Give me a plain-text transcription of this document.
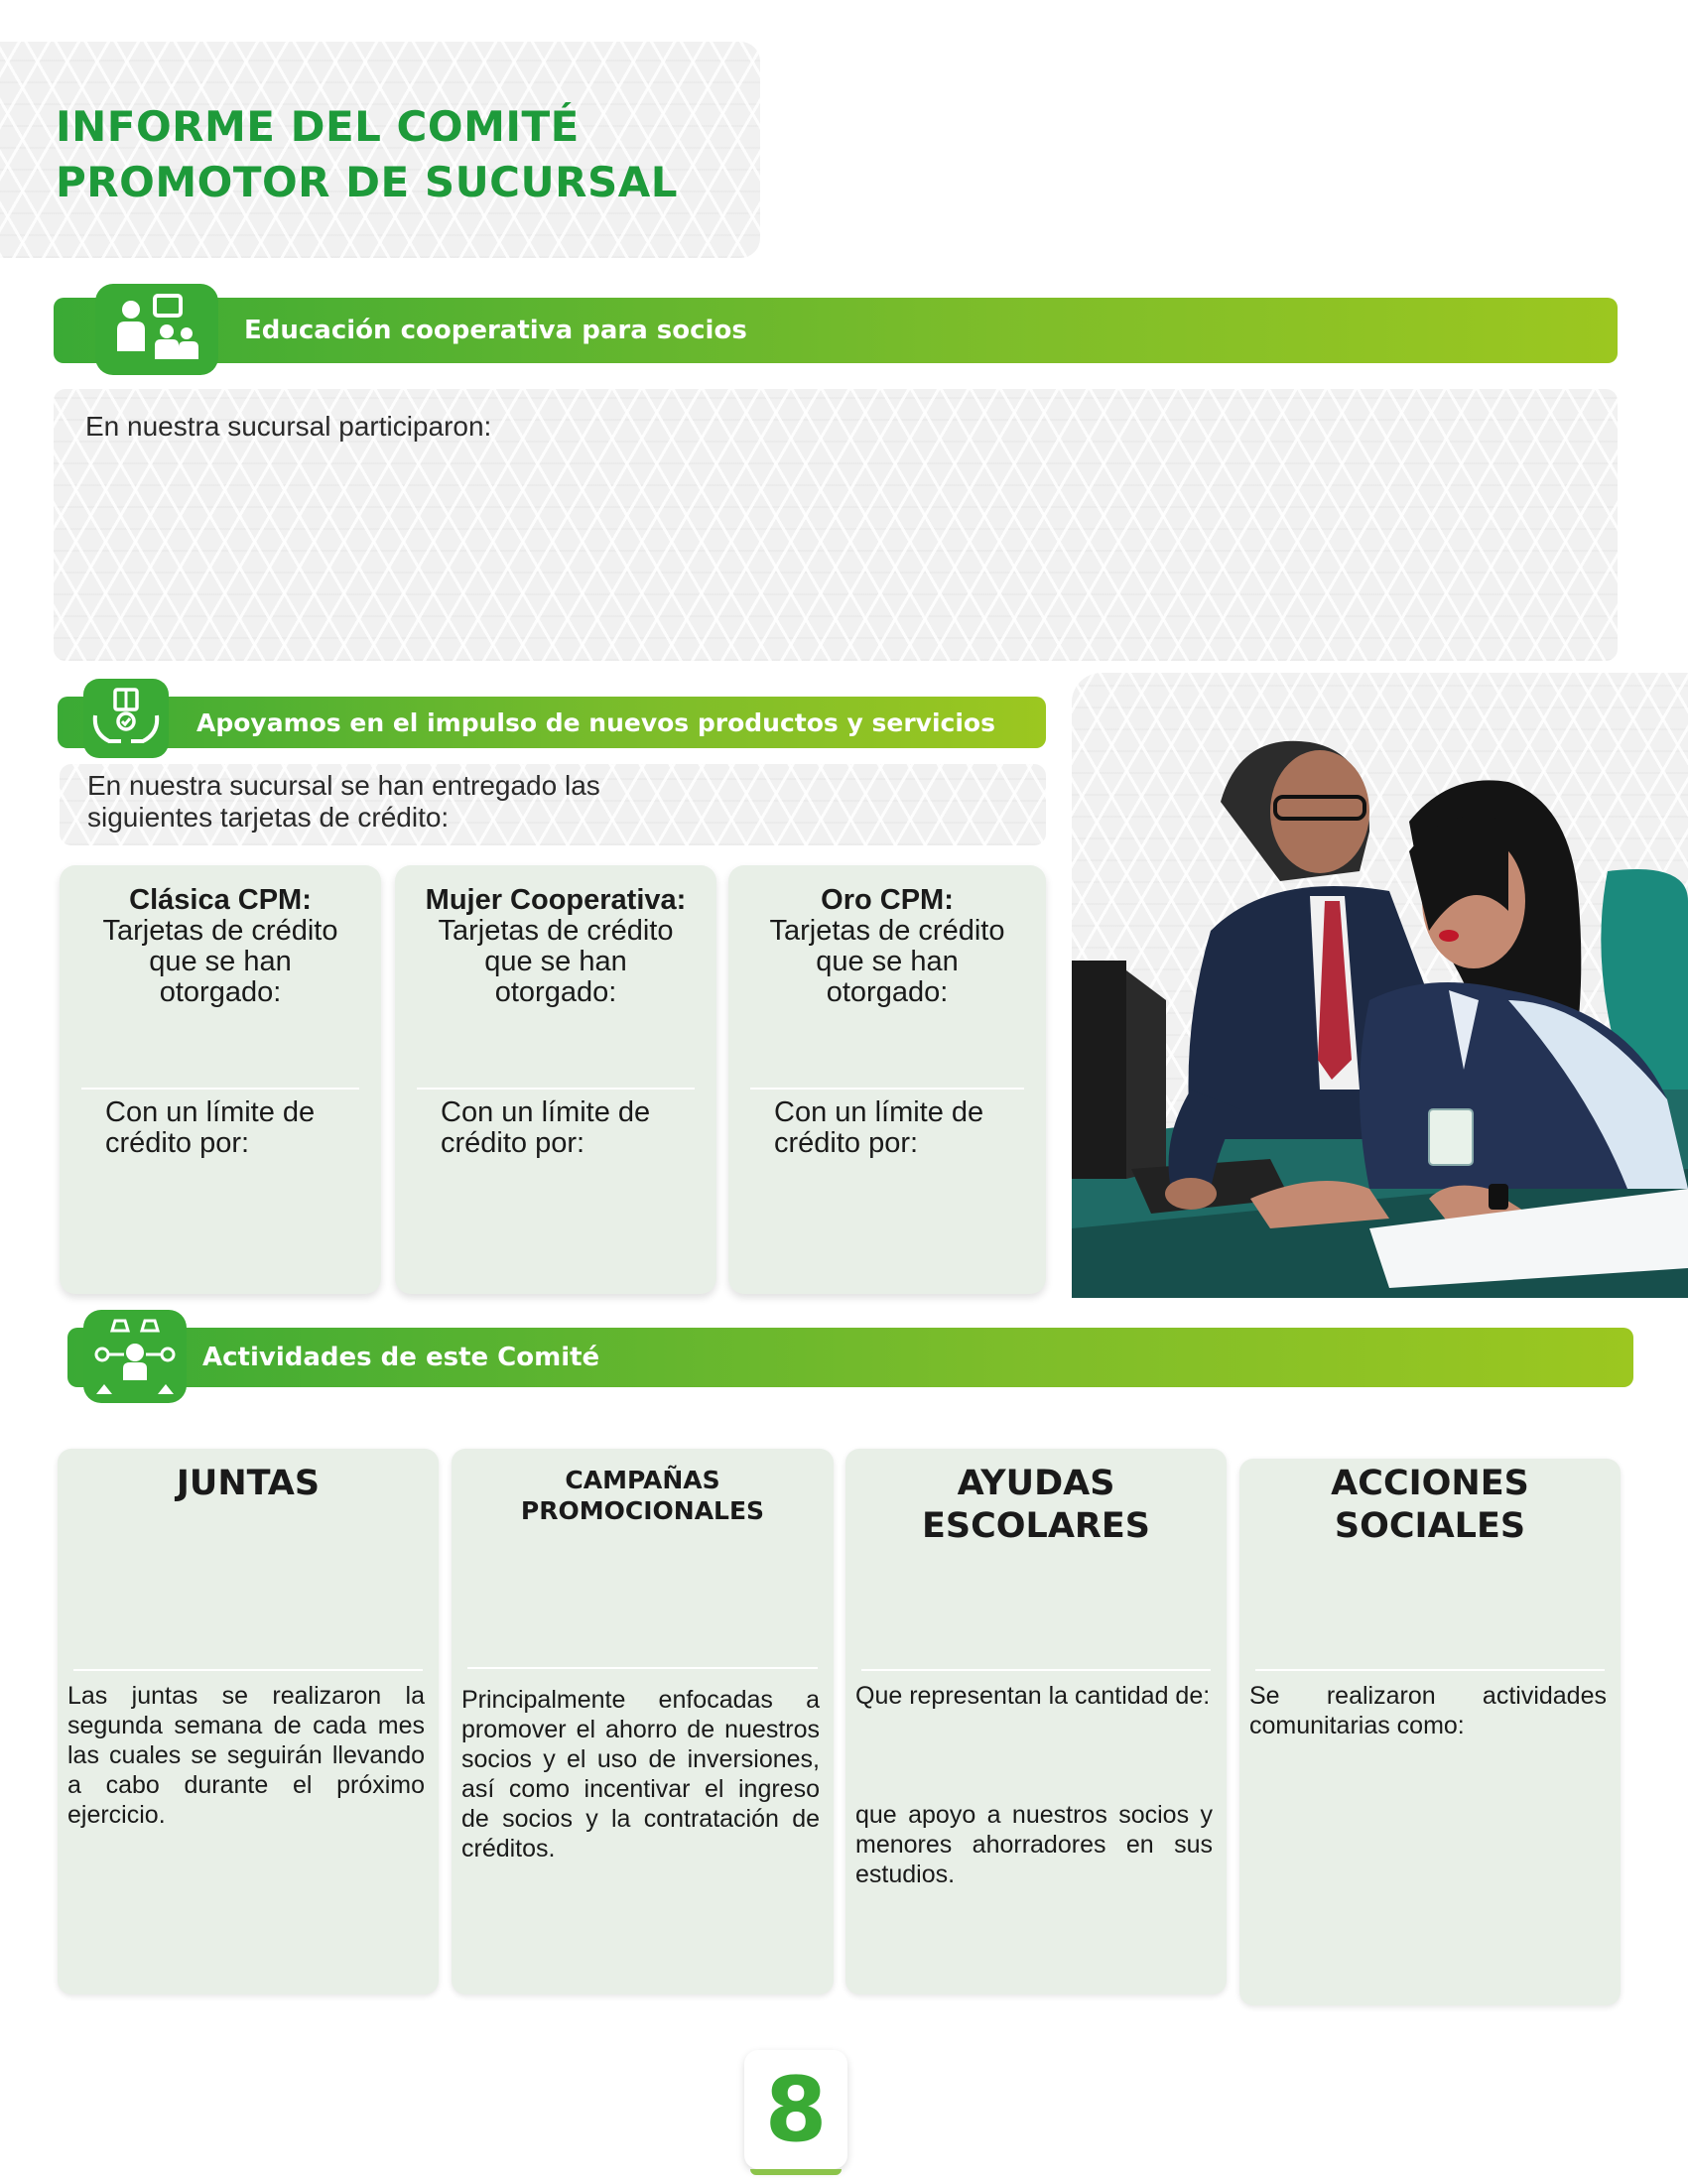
INFORME DEL COMITÉ
PROMOTOR DE SUCURSAL
Educación cooperativa para socios
En nuestra sucursal participaron:
Apoyamos en el impulso de nuevos productos y servicios
En nuestra sucursal se han entregado las
siguientes tarjetas de crédito:
Clásica CPM:
Tarjetas de crédito que se han otorgado:
Con un límite de crédito por:
Mujer Cooperativa:
Tarjetas de crédito que se han otorgado:
Con un límite de crédito por:
Oro CPM:
Tarjetas de crédito que se han otorgado:
Con un límite de crédito por:
Actividades de este Comité
JUNTAS
Las juntas se realizaron la segunda semana de cada mes las cuales se seguirán llevando a cabo durante el próximo ejercicio.
CAMPAÑAS
PROMOCIONALES
Principalmente enfocadas a promover el ahorro de nuestros socios y el uso de inversiones, así como incentivar el ingreso de socios y la contratación de créditos.
AYUDAS
ESCOLARES
Que representan la cantidad de:
que apoyo a nuestros socios y menores ahorradores en sus estudios.
ACCIONES
SOCIALES
Se realizaron actividades comunitarias como:
8
